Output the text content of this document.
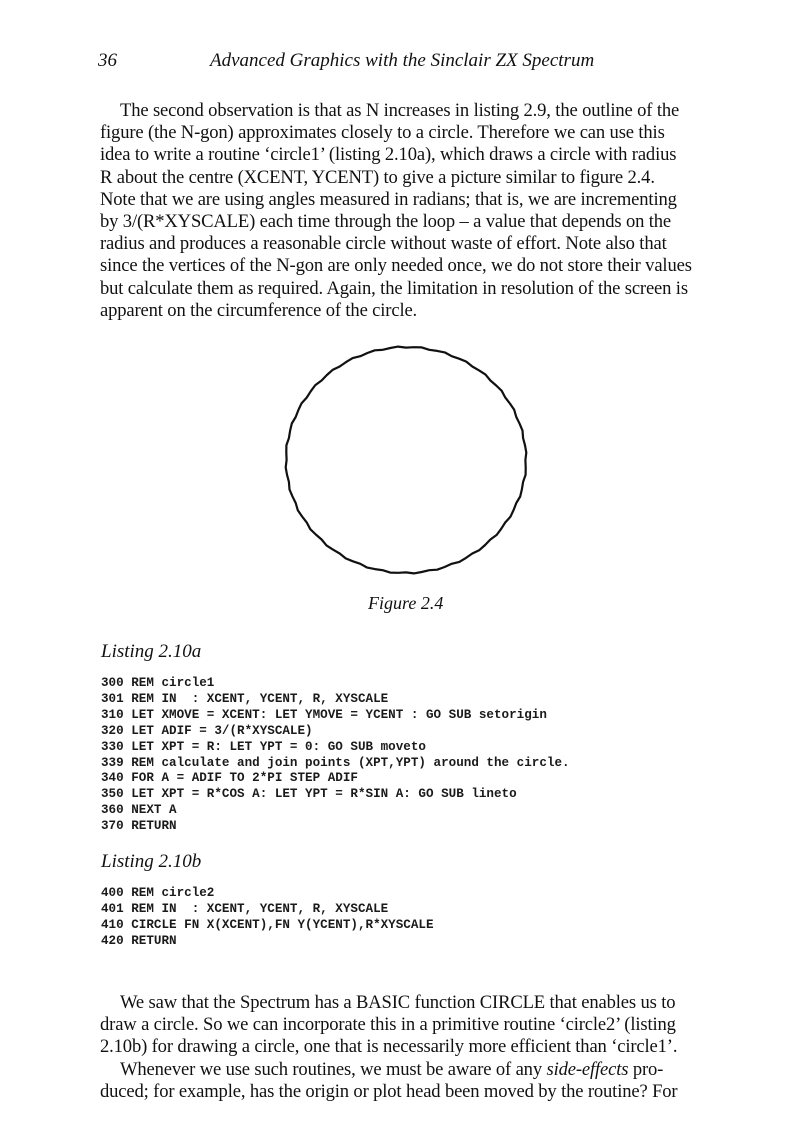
36	Advanced Graphics with the Sinclair ZX Spectrum
The second observation is that as N increases in listing 2.9, the outline of the
figure (the N-gon) approximates closely to a circle. Therefore we can use this
idea to write a routine ‘circle1’ (listing 2.10a), which draws a circle with radius
R about the centre (XCENT, YCENT) to give a picture similar to figure 2.4.
Note that we are using angles measured in radians; that is, we are incrementing
by 3/(R*XYSCALE) each time through the loop – a value that depends on the
radius and produces a reasonable circle without waste of effort. Note also that
since the vertices of the N-gon are only needed once, we do not store their values
but calculate them as required. Again, the limitation in resolution of the screen is
apparent on the circumference of the circle.
Figure 2.4
Listing 2.10a
300 REM circle1
301 REM IN  : XCENT, YCENT, R, XYSCALE
310 LET XMOVE = XCENT: LET YMOVE = YCENT : GO SUB setorigin
320 LET ADIF = 3/(R*XYSCALE)
330 LET XPT = R: LET YPT = 0: GO SUB moveto
339 REM calculate and join points (XPT,YPT) around the circle.
340 FOR A = ADIF TO 2*PI STEP ADIF
350 LET XPT = R*COS A: LET YPT = R*SIN A: GO SUB lineto
360 NEXT A
370 RETURN
Listing 2.10b
400 REM circle2
401 REM IN  : XCENT, YCENT, R, XYSCALE
410 CIRCLE FN X(XCENT),FN Y(YCENT),R*XYSCALE
420 RETURN
We saw that the Spectrum has a BASIC function CIRCLE that enables us to
draw a circle. So we can incorporate this in a primitive routine ‘circle2’ (listing
2.10b) for drawing a circle, one that is necessarily more efficient than ‘circle1’.
Whenever we use such routines, we must be aware of any side-effects pro-
duced; for example, has the origin or plot head been moved by the routine? For
